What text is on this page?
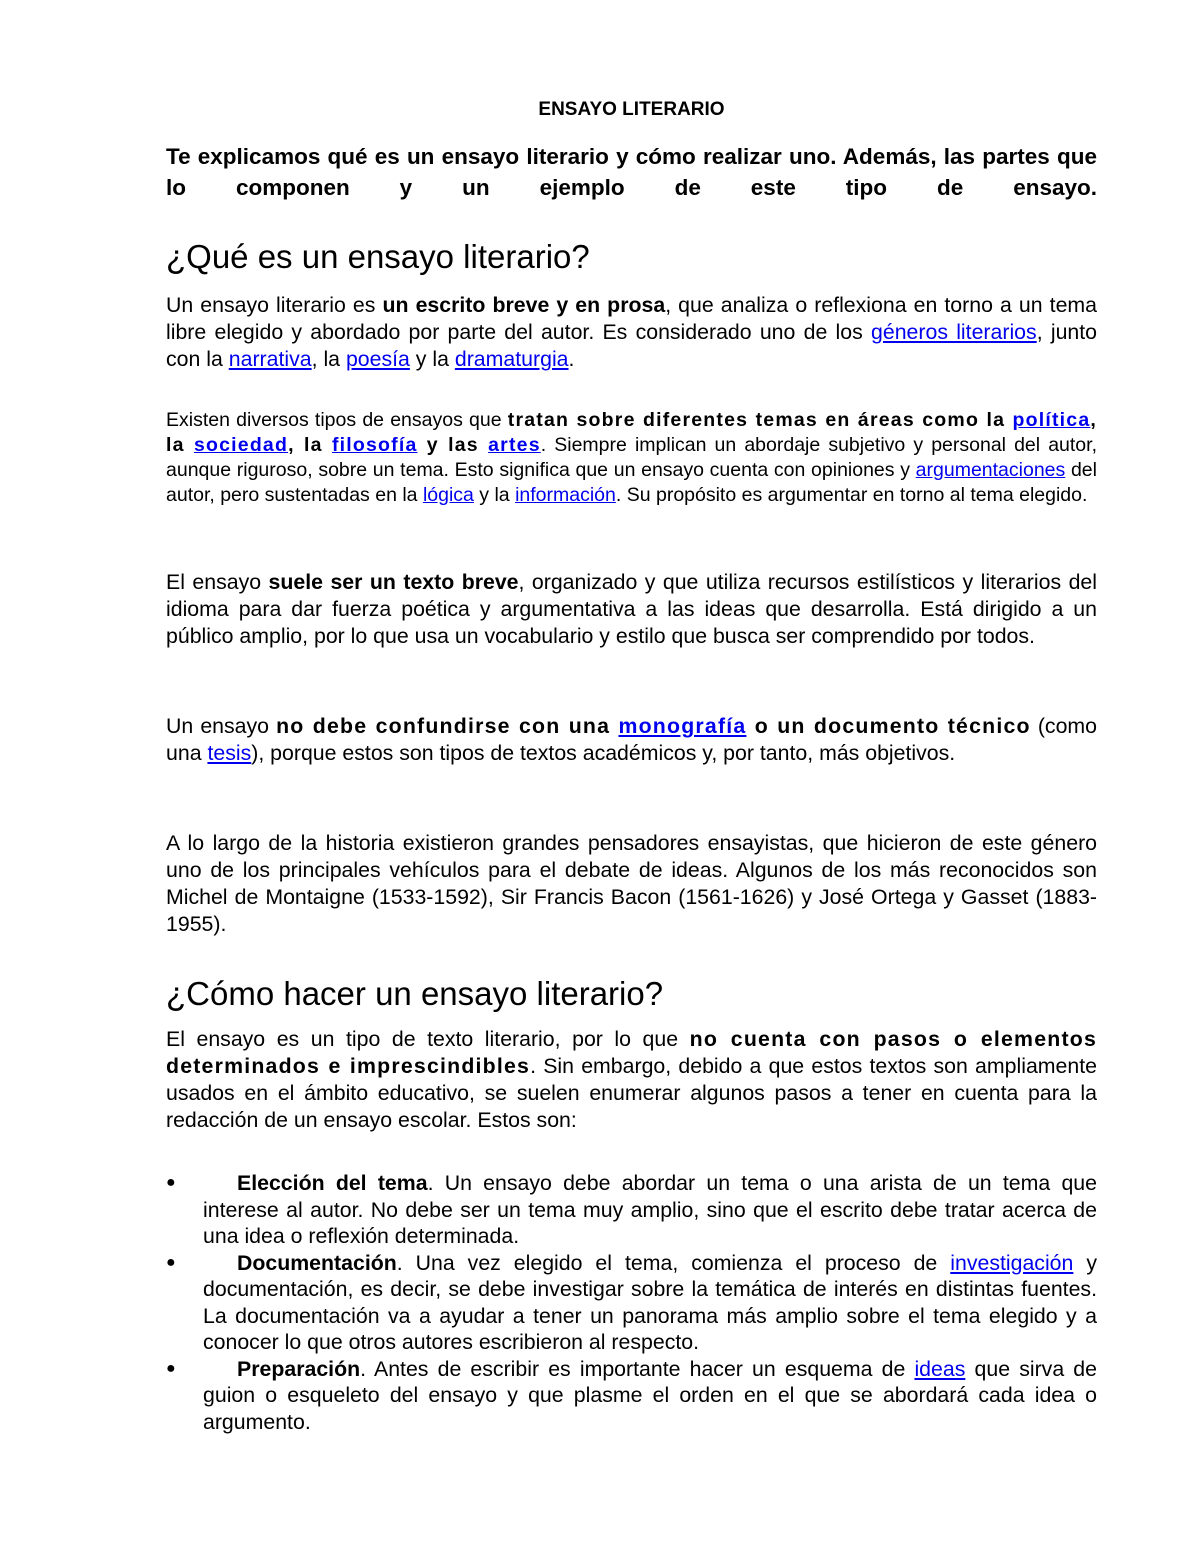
ENSAYO LITERARIO
Te explicamos qué es un ensayo literario y cómo realizar uno. Además, las partes que lo componen y un ejemplo de este tipo de ensayo.
¿Qué es un ensayo literario?

Un ensayo literario es un escrito breve y en prosa, que analiza o reflexiona en torno a un tema libre elegido y abordado por parte del autor. Es considerado uno de los géneros literarios, junto con la narrativa, la poesía y la dramaturgia.

Existen diversos tipos de ensayos que tratan sobre diferentes temas en áreas como la política, la sociedad, la filosofía y las artes. Siempre implican un abordaje subjetivo y personal del autor, aunque riguroso, sobre un tema. Esto significa que un ensayo cuenta con opiniones y argumentaciones del autor, pero sustentadas en la lógica y la información. Su propósito es argumentar en torno al tema elegido.

El ensayo suele ser un texto breve, organizado y que utiliza recursos estilísticos y literarios del idioma para dar fuerza poética y argumentativa a las ideas que desarrolla. Está dirigido a un público amplio, por lo que usa un vocabulario y estilo que busca ser comprendido por todos.

Un ensayo no debe confundirse con una monografía o un documento técnico (como una tesis), porque estos son tipos de textos académicos y, por tanto, más objetivos.

A lo largo de la historia existieron grandes pensadores ensayistas, que hicieron de este género uno de los principales vehículos para el debate de ideas. Algunos de los más reconocidos son Michel de Montaigne (1533-1592), Sir Francis Bacon (1561-1626) y José Ortega y Gasset (1883-1955).

¿Cómo hacer un ensayo literario?

El ensayo es un tipo de texto literario, por lo que no cuenta con pasos o elementos determinados e imprescindibles. Sin embargo, debido a que estos textos son ampliamente usados en el ámbito educativo, se suelen enumerar algunos pasos a tener en cuenta para la redacción de un ensayo escolar. Estos son:

●	Elección del tema. Un ensayo debe abordar un tema o una arista de un tema que interese al autor. No debe ser un tema muy amplio, sino que el escrito debe tratar acerca de una idea o reflexión determinada.
●	Documentación. Una vez elegido el tema, comienza el proceso de investigación y documentación, es decir, se debe investigar sobre la temática de interés en distintas fuentes. La documentación va a ayudar a tener un panorama más amplio sobre el tema elegido y a conocer lo que otros autores escribieron al respecto.
●	Preparación. Antes de escribir es importante hacer un esquema de ideas que sirva de guion o esqueleto del ensayo y que plasme el orden en el que se abordará cada idea o argumento.
